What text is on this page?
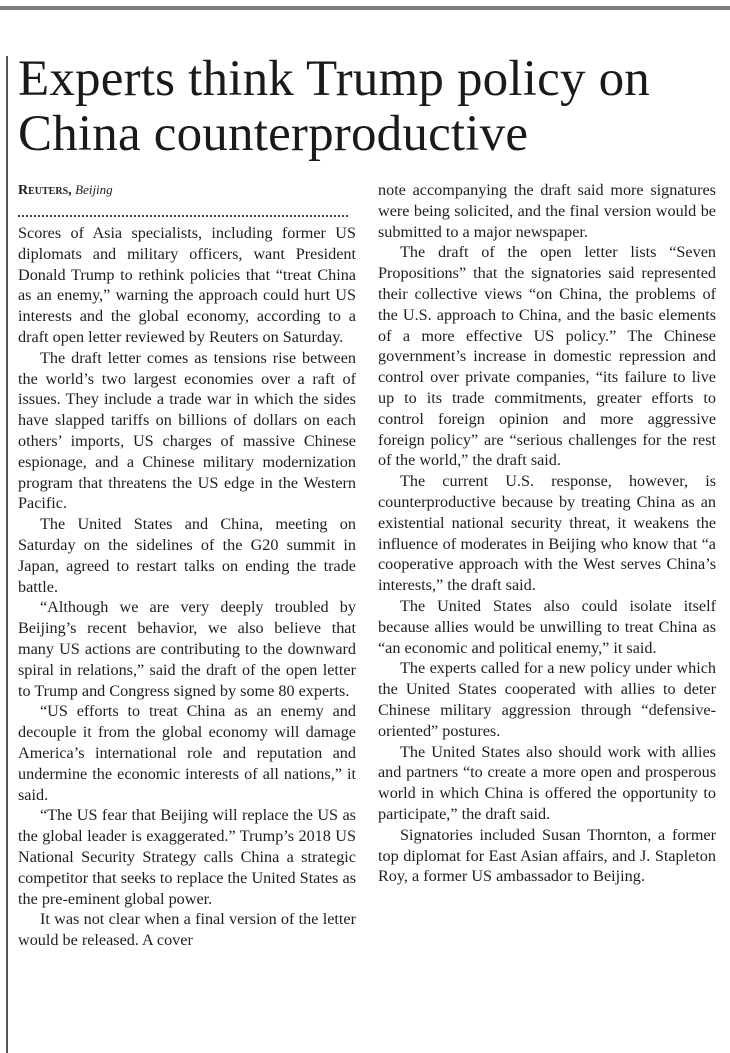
Experts think Trump policy on China counterproductive
Reuters, Beijing

Scores of Asia specialists, including former US diplomats and military officers, want President Donald Trump to rethink policies that “treat China as an enemy,” warning the approach could hurt US interests and the global economy, according to a draft open letter reviewed by Reuters on Saturday.

The draft letter comes as tensions rise between the world’s two largest economies over a raft of issues. They include a trade war in which the sides have slapped tariffs on billions of dollars on each others’ imports, US charges of massive Chinese espionage, and a Chinese military modernization program that threatens the US edge in the Western Pacific.

The United States and China, meeting on Saturday on the sidelines of the G20 summit in Japan, agreed to restart talks on ending the trade battle.

“Although we are very deeply troubled by Beijing’s recent behavior, we also believe that many US actions are contributing to the downward spiral in relations,” said the draft of the open letter to Trump and Congress signed by some 80 experts.

“US efforts to treat China as an enemy and decouple it from the global economy will damage America’s international role and reputation and undermine the economic interests of all nations,” it said.

“The US fear that Beijing will replace the US as the global leader is exaggerated.” Trump’s 2018 US National Security Strategy calls China a strategic competitor that seeks to replace the United States as the pre-eminent global power.

It was not clear when a final version of the letter would be released. A cover

note accompanying the draft said more signatures were being solicited, and the final version would be submitted to a major newspaper.

The draft of the open letter lists “Seven Propositions” that the signatories said represented their collective views “on China, the problems of the U.S. approach to China, and the basic elements of a more effective US policy.” The Chinese government’s increase in domestic repression and control over private companies, “its failure to live up to its trade commitments, greater efforts to control foreign opinion and more aggressive foreign policy” are “serious challenges for the rest of the world,” the draft said.

The current U.S. response, however, is counterproductive because by treating China as an existential national security threat, it weakens the influence of moderates in Beijing who know that “a cooperative approach with the West serves China’s interests,” the draft said.

The United States also could isolate itself because allies would be unwilling to treat China as “an economic and political enemy,” it said.

The experts called for a new policy under which the United States cooperated with allies to deter Chinese military aggression through “defensive-oriented” postures.

The United States also should work with allies and partners “to create a more open and prosperous world in which China is offered the opportunity to participate,” the draft said.

Signatories included Susan Thornton, a former top diplomat for East Asian affairs, and J. Stapleton Roy, a former US ambassador to Beijing.
